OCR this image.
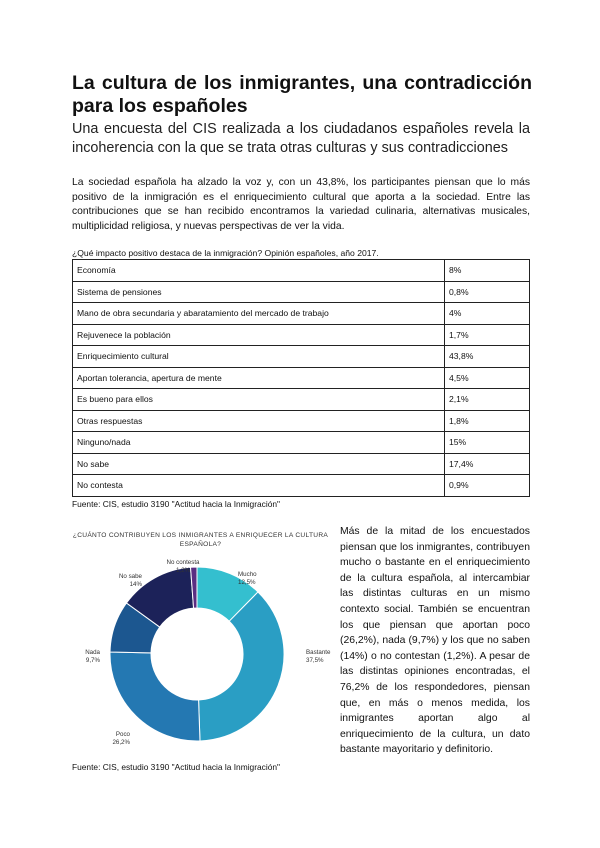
La cultura de los inmigrantes, una contradicción para los españoles

Una encuesta del CIS realizada a los ciudadanos españoles revela la incoherencia con la que se trata otras culturas y sus contradicciones

La sociedad española ha alzado la voz y, con un 43,8%, los participantes piensan que lo más positivo de la inmigración es el enriquecimiento cultural que aporta a la sociedad. Entre las contribuciones que se han recibido encontramos la variedad culinaria, alternativas musicales, multiplicidad religiosa, y nuevas perspectivas de ver la vida.

¿Qué impacto positivo destaca de la inmigración? Opinión españoles, año 2017.

Economía	8%
Sistema de pensiones	0,8%
Mano de obra secundaria y abaratamiento del mercado de trabajo	4%
Rejuvenece la población	1,7%
Enriquecimiento cultural	43,8%
Aportan tolerancia, apertura de mente	4,5%
Es bueno para ellos	2,1%
Otras respuestas	1,8%
Ninguno/nada	15%
No sabe	17,4%
No contesta	0,9%

Fuente: CIS, estudio 3190 "Actitud hacia la Inmigración"

¿CUÁNTO CONTRIBUYEN LOS INMIGRANTES A ENRIQUECER LA CULTURA ESPAÑOLA?

Mucho
12,5%
Bastante
37,5%
Poco
26,2%
Nada
9,7%
No sabe
14%
No contesta
1,2%

Fuente: CIS, estudio 3190 "Actitud hacia la Inmigración"

Más de la mitad de los encuestados piensan que los inmigrantes, contribuyen mucho o bastante en el enriquecimiento de la cultura española, al intercambiar las distintas culturas en un mismo contexto social. También se encuentran los que piensan que aportan poco (26,2%), nada (9,7%) y los que no saben (14%) o no contestan (1,2%). A pesar de las distintas opiniones encontradas, el 76,2% de los respondedores, piensan que, en más o menos medida, los inmigrantes aportan algo al enriquecimiento de la cultura, un dato bastante mayoritario y definitorio.
